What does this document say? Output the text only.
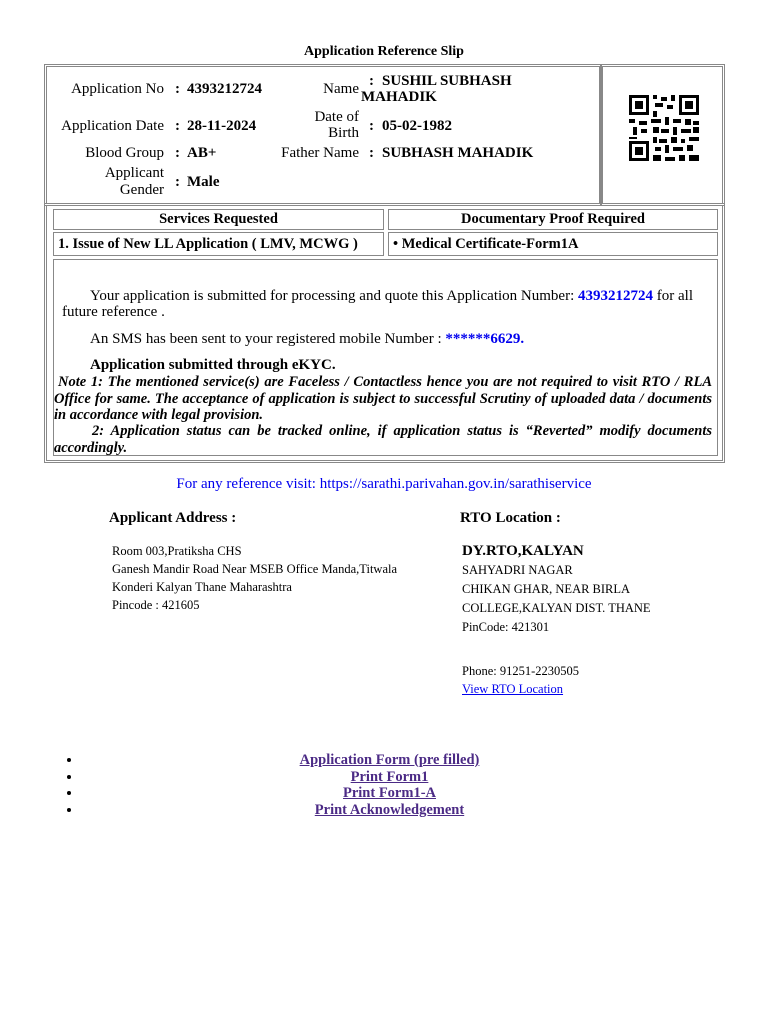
Application Reference Slip
Application No : 4393212724	Name : SUSHIL SUBHASH
MAHADIK
Application Date : 28-11-2024
Date of
Birth : 05-02-1982
Blood Group : AB+	Father Name : SUBHASH MAHADIK
Applicant
Gender : Male
Services Requested	Documentary Proof Required
1. Issue of New LL Application ( LMV, MCWG )	• Medical Certificate-Form1A
Your application is submitted for processing and quote this Application Number: 4393212724 for all
future reference .
An SMS has been sent to your registered mobile Number : ******6629.
Application submitted through eKYC.
Note 1: The mentioned service(s) are Faceless / Contactless hence you are not required to visit RTO / RLA Office for same. The acceptance of application is subject to successful Scrutiny of uploaded data / documents in accordance with legal provision.
2: Application status can be tracked online, if application status is “Reverted” modify documents accordingly.
For any reference visit: https://sarathi.parivahan.gov.in/sarathiservice
Applicant Address :
Room 003,Pratiksha CHS
Ganesh Mandir Road Near MSEB Office Manda,Titwala
Konderi Kalyan Thane Maharashtra
Pincode : 421605
RTO Location :
DY.RTO,KALYAN
SAHYADRI NAGAR
CHIKAN GHAR, NEAR BIRLA
COLLEGE,KALYAN DIST. THANE
PinCode: 421301
Phone: 91251-2230505
View RTO Location
• Application Form (pre filled)
• Print Form1
• Print Form1-A
• Print Acknowledgement
